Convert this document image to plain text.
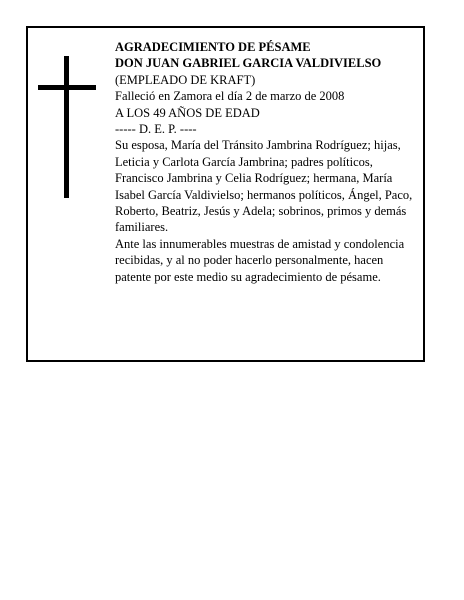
AGRADECIMIENTO DE PÉSAME
DON JUAN GABRIEL GARCIA VALDIVIELSO
(EMPLEADO DE KRAFT)
Falleció en Zamora el día 2 de marzo de 2008
A LOS 49 AÑOS DE EDAD
----- D. E. P. ----
Su esposa, María del Tránsito Jambrina Rodríguez; hijas, Leticia y Carlota García Jambrina; padres políticos, Francisco Jambrina y Celia Rodríguez; hermana, María Isabel García Valdivielso; hermanos políticos, Ángel, Paco, Roberto, Beatriz, Jesús y Adela; sobrinos, primos y demás familiares.
Ante las innumerables muestras de amistad y condolencia recibidas, y al no poder hacerlo personalmente, hacen patente por este medio su agradecimiento de pésame.
